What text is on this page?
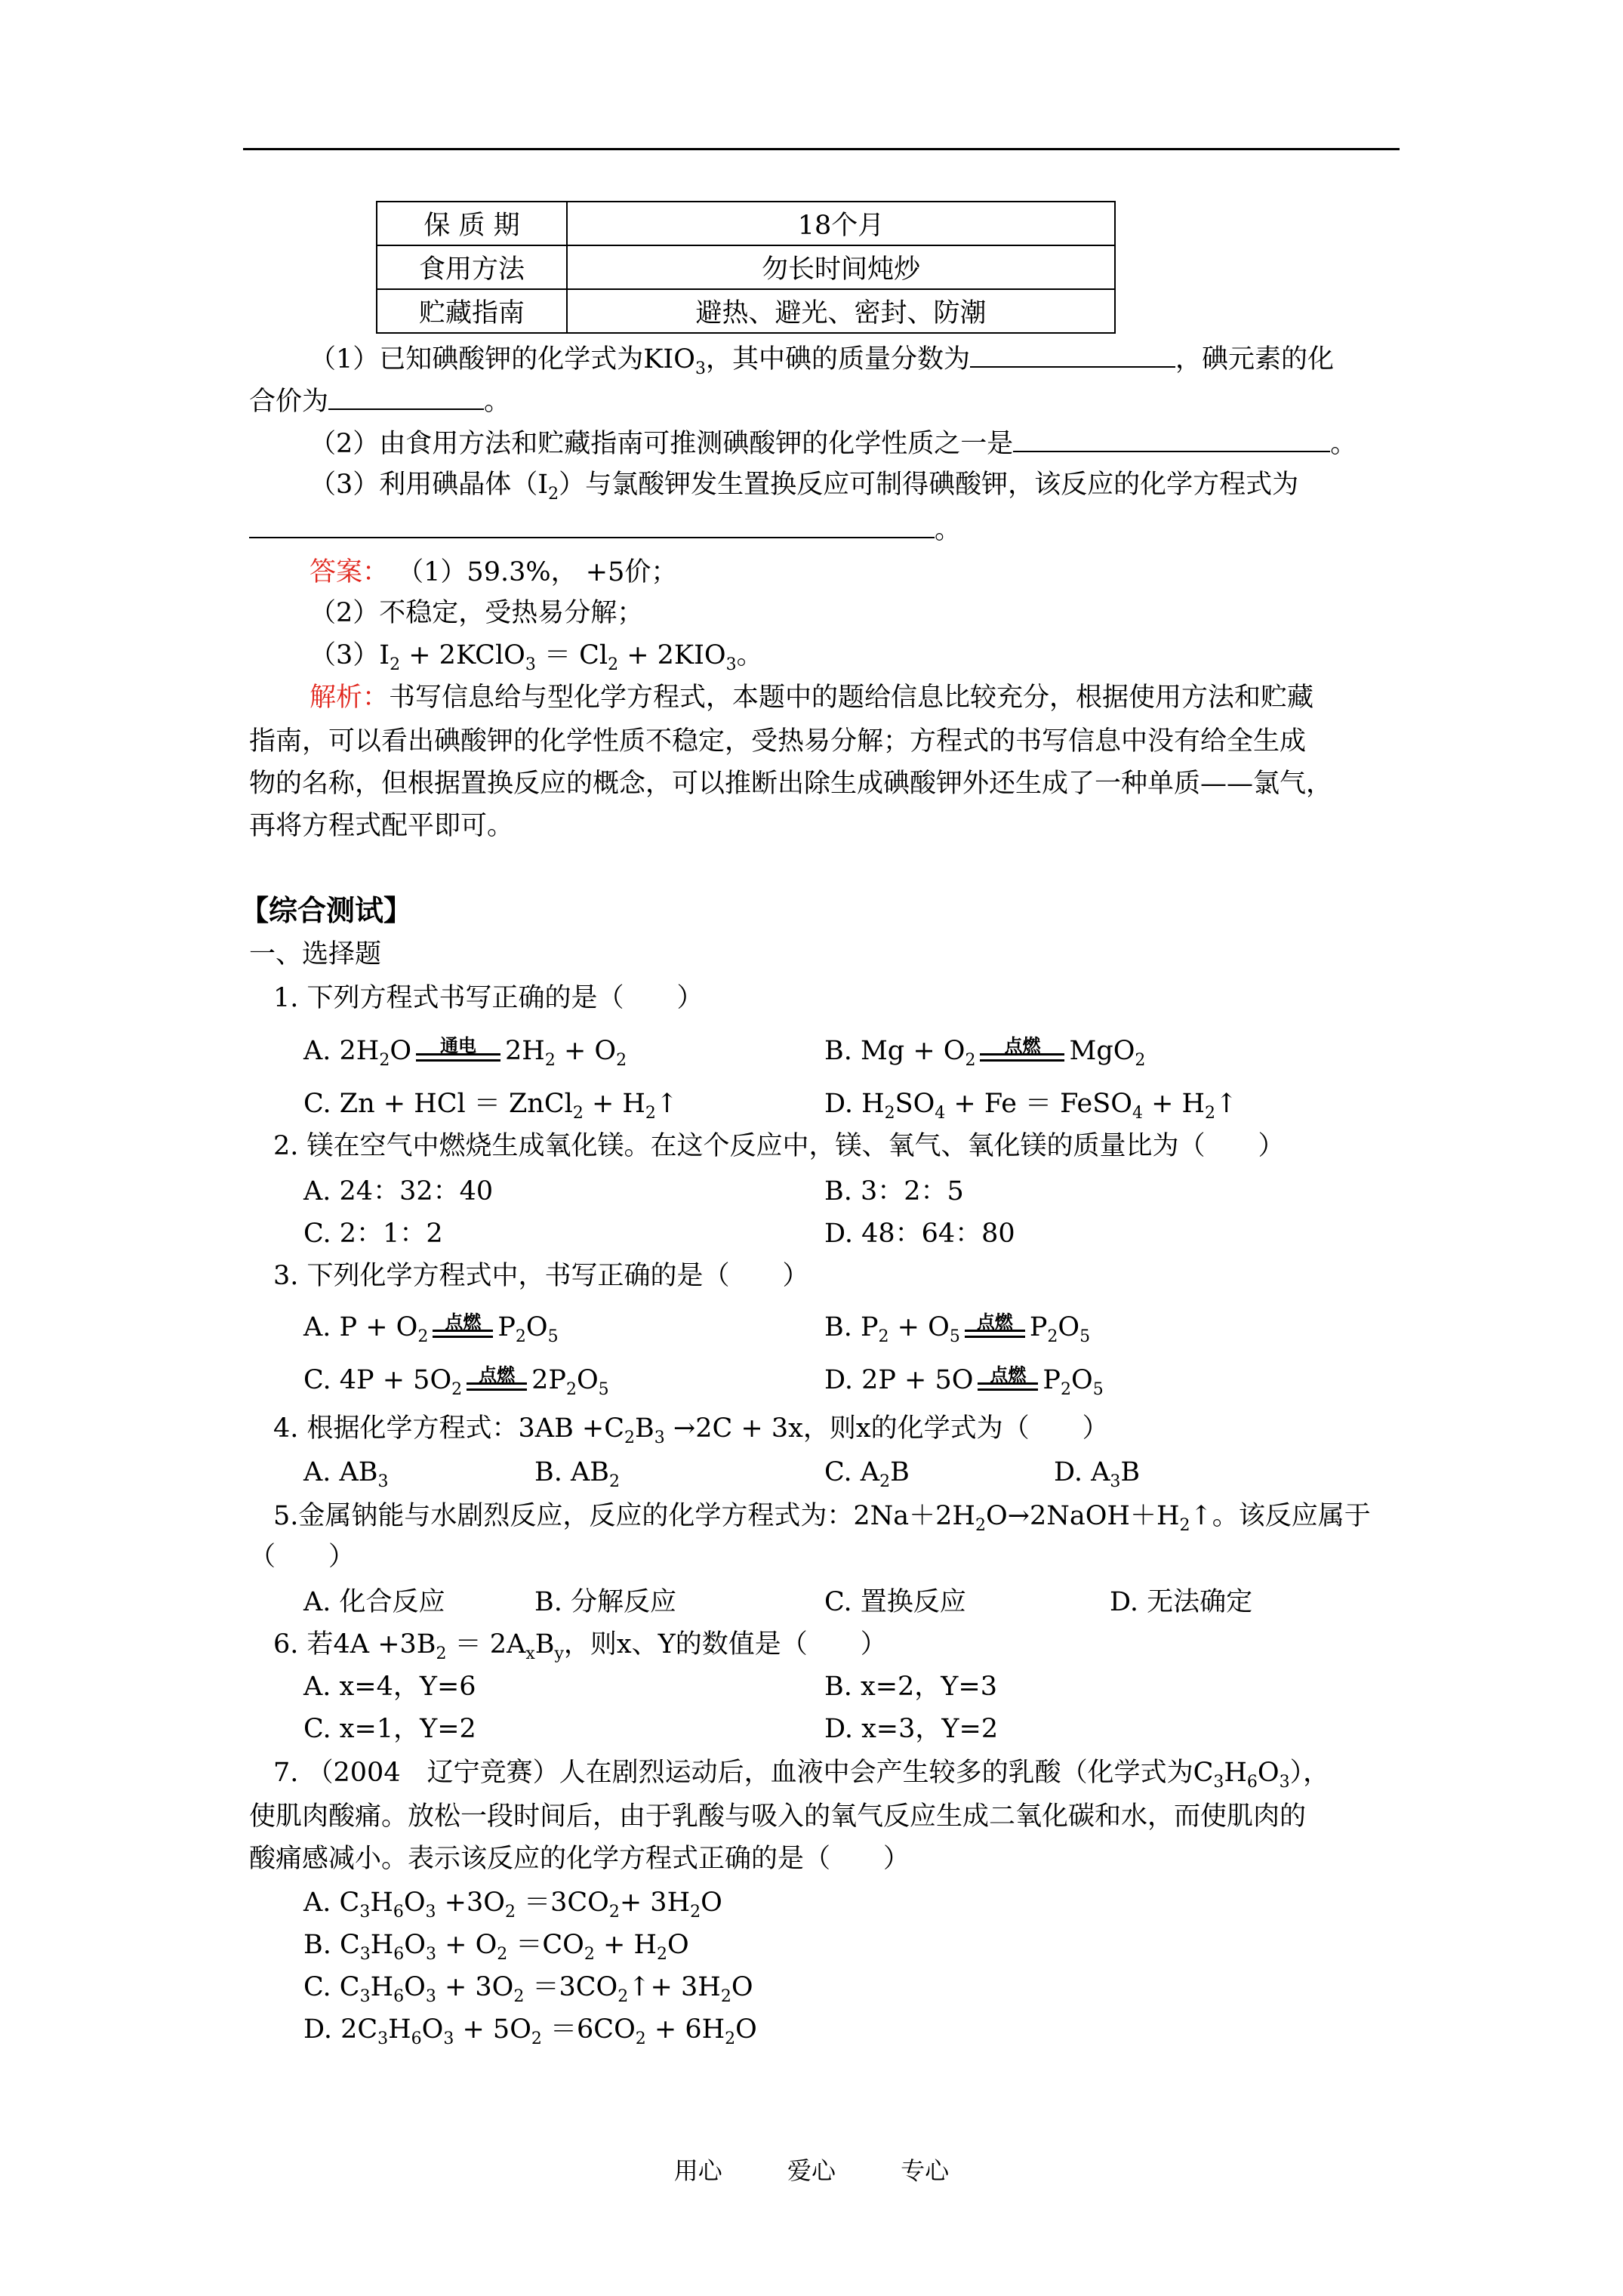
保 质 期	18个月
食用方法	勿长时间炖炒
贮藏指南	避热、避光、密封、防潮
（1）已知碘酸钾的化学式为$KIO_3$，其中碘的质量分数为	，碘元素的化
合价为	。
（2）由食用方法和贮藏指南可推测碘酸钾的化学性质之一是	。
（3）利用碘晶体$(I_2)$与氯酸钾发生置换反应可制得碘酸钾，该反应的化学方程式为
。
答案： （1）59.3%， +5价；
（2）不稳定，受热易分解；
$(3)I_2$ + 2KClO$_3$ ＝ $Cl_2 + 2KIO_3$。
解析：书写信息给与型化学方程式，本题中的题给信息比较充分，根据使用方法和贮藏
指南，可以看出碘酸钾的化学性质不稳定，受热易分解；方程式的书写信息中没有给全生成
物的名称，但根据置换反应的概念，可以推断出除生成碘酸钾外还生成了一种单质——氯气，
再将方程式配平即可。
【综合测试】
一、选择题
1. 下列方程式书写正确的是（　　）
A. $2H_2O$	通电	$2H_2 + O_2$	B. $Mg + O_2$
点燃	MgO$_2$
C. Zn + HCl ＝ ZnCl$_2$ + $H_2↑$	D. $H_2SO_4 + Fe$ ＝ FeSO$_4$ + $H_2↑$
2. 镁在空气中燃烧生成氧化镁。在这个反应中，镁、氧气、氧化镁的质量比为（　　）
A. 24：32：40	B. 3：2：5
C. 2：1：2	D. 48：64：80
3. 下列化学方程式中，书写正确的是（　　）
A. $P + O_2$
点燃 $P_2O_5$	B. $P_2 + O_5$
点燃 $P_2O_5$
C. $4P + 5O_2$
点燃 $2P_2O_5$	D. 2P + 5O 点燃 $P_2O_5$
4. 根据化学方程式：$3AB +C_2B_3 \to 2C + 3x$，则x的化学式为（　　）
A. $AB_3$	B. $AB_2$	C. $A_2B$	D. $A_3B$
5.金属钠能与水剧烈反应，反应的化学方程式为：$2Na+2H_2O\to 2NaOH+H_2↑$。该反应属于
（　　）
A. 化合反应	B. 分解反应	C. 置换反应	D. 无法确定
6. 若$4A +3B_2 = 2A_xB_y$，则x、Y的数值是（　　）
A. x=4，Y=6	B. x=2，Y=3
C. x=1，Y=2	D. x=3，Y=2
7. （2004　辽宁竞赛）人在剧烈运动后，血液中会产生较多的乳酸（化学式为$C_3H_6O_3$），
使肌肉酸痛。放松一段时间后，由于乳酸与吸入的氧气反应生成二氧化碳和水，而使肌肉的
酸痛感减小。表示该反应的化学方程式正确的是（　　）
A. $C_3H_6O_3 +3O_2 =3CO_2+ 3H_2O$
B. $C_3H_6O_3 + O_2 =CO_2 + H_2O$
C. $C_3H_6O_3 + 3O_2$ $=3CO_2↑+ 3H_2O$
D. $2C_3H_6O_3 + 5O_2 =6CO_2 + 6H_2O$
用心	爱心	专心
